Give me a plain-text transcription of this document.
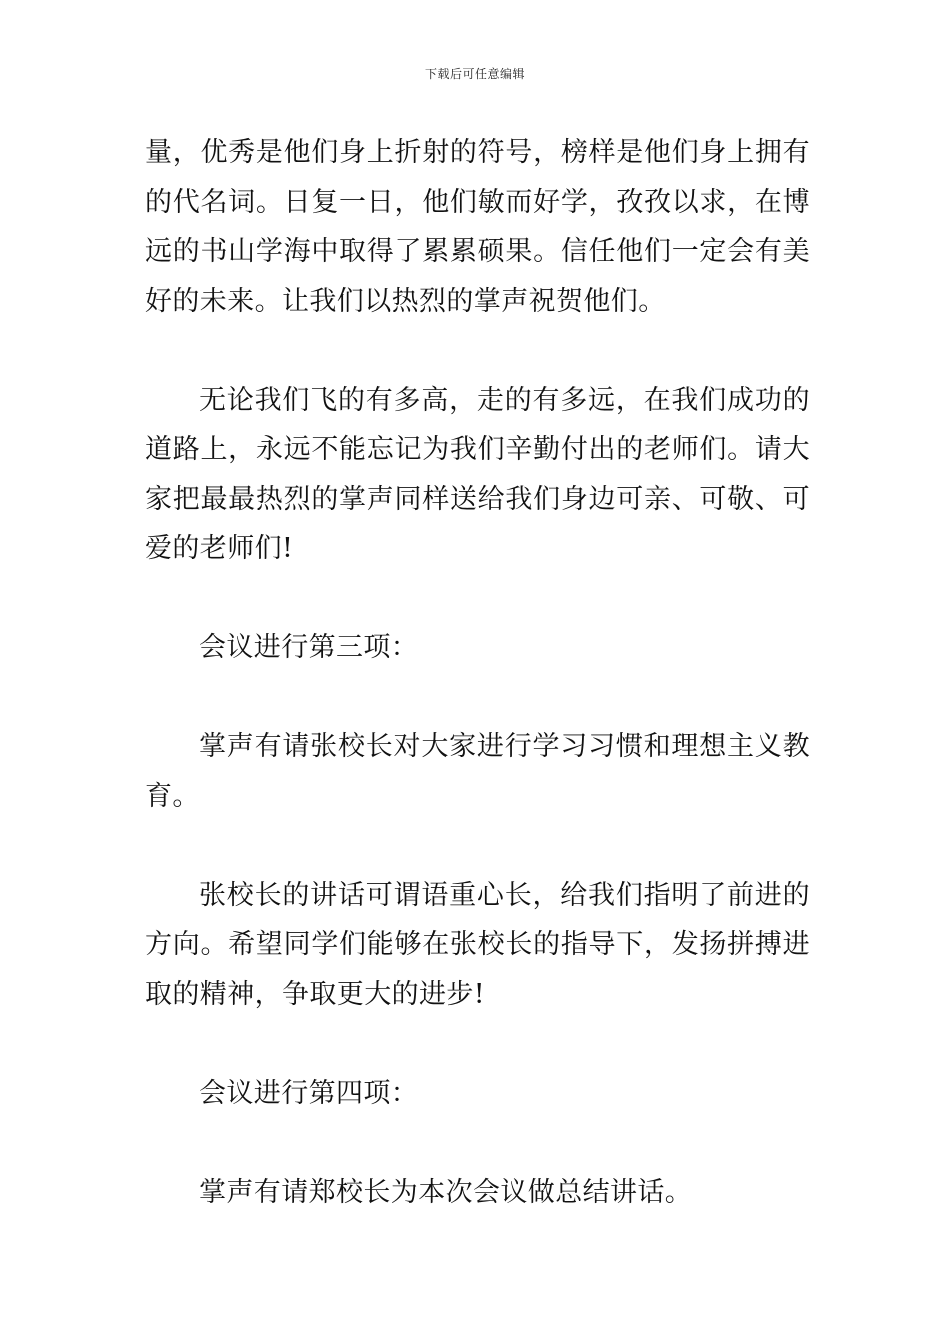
下载后可任意编辑

量，优秀是他们身上折射的符号，榜样是他们身上拥有的代名词。日复一日，他们敏而好学，孜孜以求，在博远的书山学海中取得了累累硕果。信任他们一定会有美好的未来。让我们以热烈的掌声祝贺他们。

无论我们飞的有多高，走的有多远，在我们成功的道路上，永远不能忘记为我们辛勤付出的老师们。请大家把最最热烈的掌声同样送给我们身边可亲、可敬、可爱的老师们!

会议进行第三项：

掌声有请张校长对大家进行学习习惯和理想主义教育。

张校长的讲话可谓语重心长，给我们指明了前进的方向。希望同学们能够在张校长的指导下，发扬拼搏进取的精神，争取更大的进步!

会议进行第四项：

掌声有请郑校长为本次会议做总结讲话。
